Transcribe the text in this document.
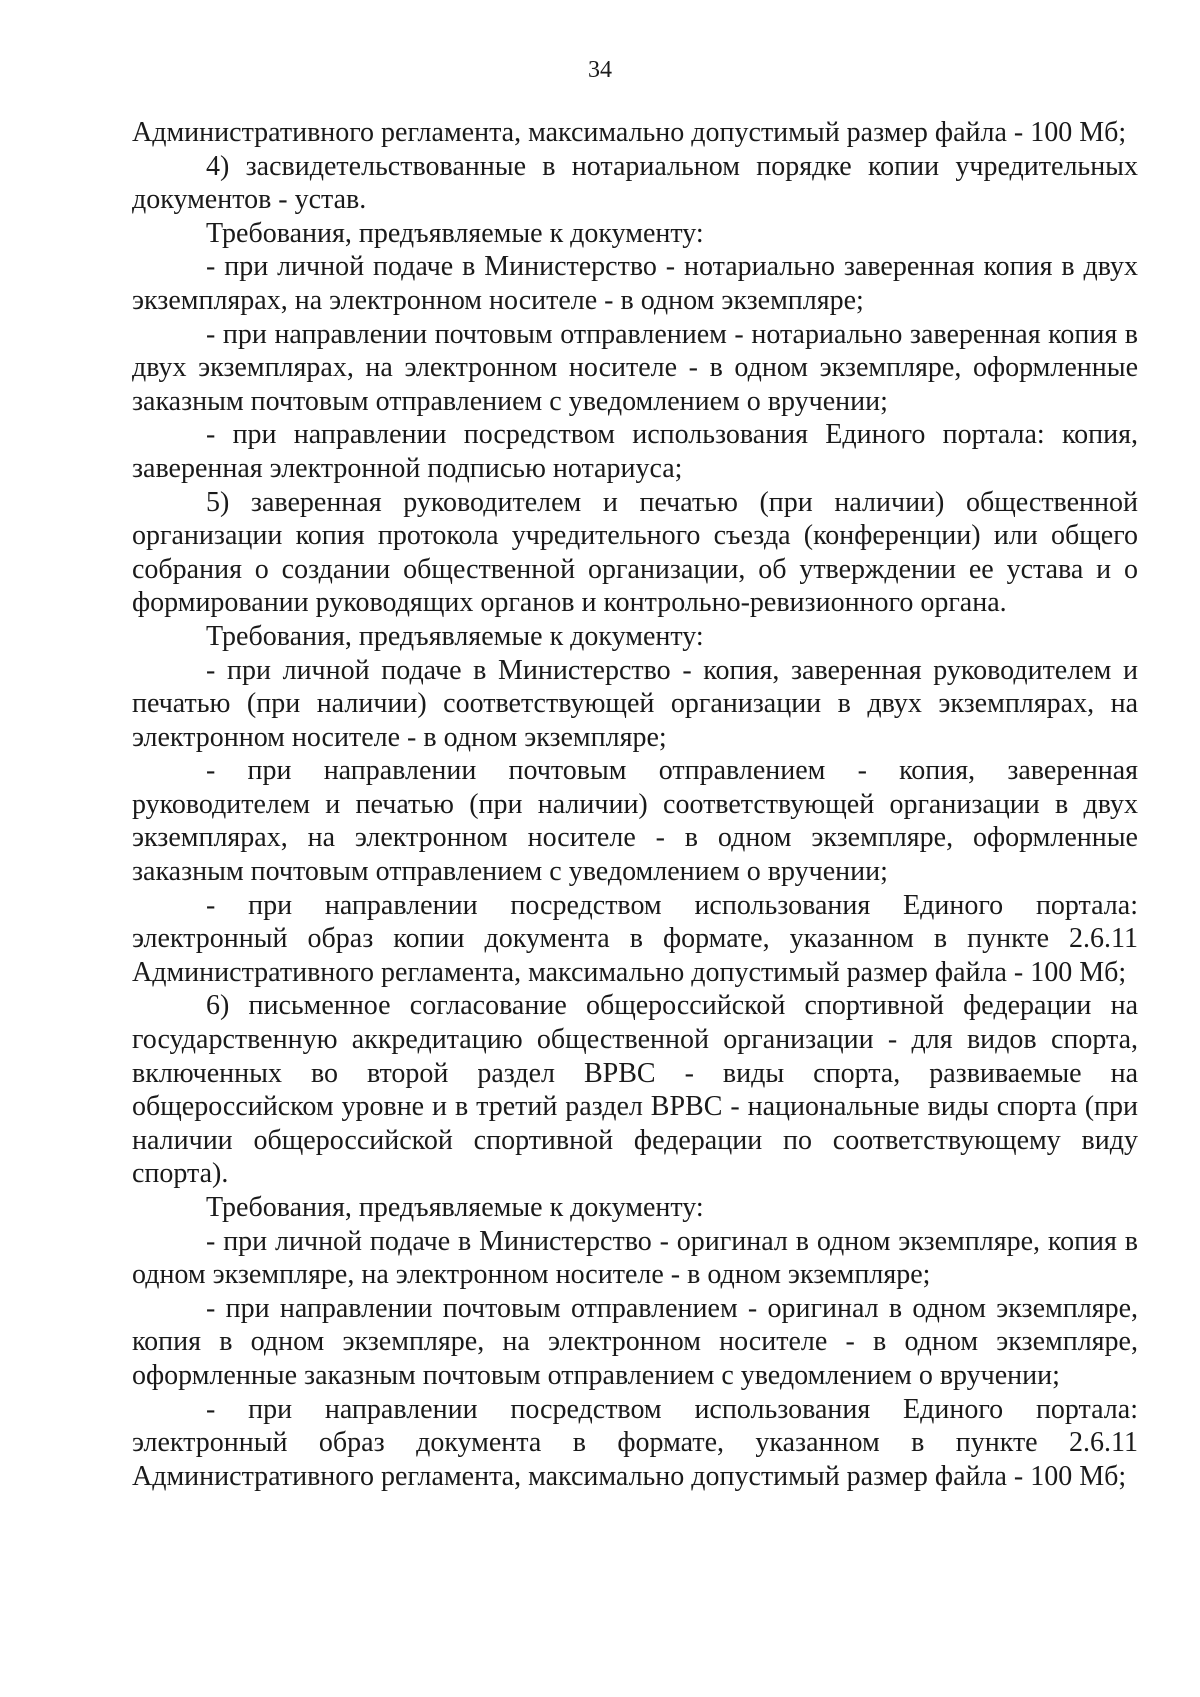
34

Административного регламента, максимально допустимый размер файла - 100 Мб;

4) засвидетельствованные в нотариальном порядке копии учредительных документов - устав.

Требования, предъявляемые к документу:

- при личной подаче в Министерство - нотариально заверенная копия в двух экземплярах, на электронном носителе - в одном экземпляре;

- при направлении почтовым отправлением - нотариально заверенная копия в двух экземплярах, на электронном носителе - в одном экземпляре, оформленные заказным почтовым отправлением с уведомлением о вручении;

- при направлении посредством использования Единого портала: копия, заверенная электронной подписью нотариуса;

5) заверенная руководителем и печатью (при наличии) общественной организации копия протокола учредительного съезда (конференции) или общего собрания о создании общественной организации, об утверждении ее устава и о формировании руководящих органов и контрольно-ревизионного органа.

Требования, предъявляемые к документу:

- при личной подаче в Министерство - копия, заверенная руководителем и печатью (при наличии) соответствующей организации в двух экземплярах, на электронном носителе - в одном экземпляре;

- при направлении почтовым отправлением - копия, заверенная руководителем и печатью (при наличии) соответствующей организации в двух экземплярах, на электронном носителе - в одном экземпляре, оформленные заказным почтовым отправлением с уведомлением о вручении;

- при направлении посредством использования Единого портала: электронный образ копии документа в формате, указанном в пункте 2.6.11 Административного регламента, максимально допустимый размер файла - 100 Мб;

6) письменное согласование общероссийской спортивной федерации на государственную аккредитацию общественной организации - для видов спорта, включенных во второй раздел ВРВС - виды спорта, развиваемые на общероссийском уровне и в третий раздел ВРВС - национальные виды спорта (при наличии общероссийской спортивной федерации по соответствующему виду спорта).

Требования, предъявляемые к документу:

- при личной подаче в Министерство - оригинал в одном экземпляре, копия в одном экземпляре, на электронном носителе - в одном экземпляре;

- при направлении почтовым отправлением - оригинал в одном экземпляре, копия в одном экземпляре, на электронном носителе - в одном экземпляре, оформленные заказным почтовым отправлением с уведомлением о вручении;

- при направлении посредством использования Единого портала: электронный образ документа в формате, указанном в пункте 2.6.11 Административного регламента, максимально допустимый размер файла - 100 Мб;
